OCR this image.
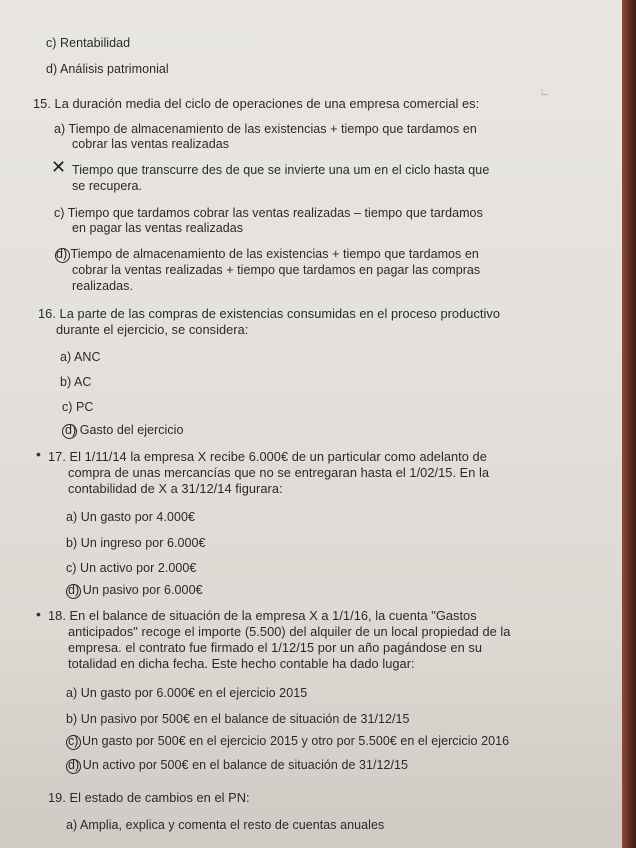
c) Rentabilidad
d) Análisis patrimonial
15. La duración media del ciclo de operaciones de una empresa comercial es:
∟
a) Tiempo de almacenamiento de las existencias + tiempo que tardamos en
cobrar las ventas realizadas
✕ Tiempo que transcurre des de que se invierte una um en el ciclo hasta que
se recupera.
c) Tiempo que tardamos cobrar las ventas realizadas – tiempo que tardamos
en pagar las ventas realizadas
d) Tiempo de almacenamiento de las existencias + tiempo que tardamos en
cobrar la ventas realizadas + tiempo que tardamos en pagar las compras
realizadas.
16. La parte de las compras de existencias consumidas en el proceso productivo
durante el ejercicio, se considera:
a) ANC
b) AC
c) PC
d) Gasto del ejercicio
• 17. El 1/11/14 la empresa X recibe 6.000€ de un particular como adelanto de
compra de unas mercancías que no se entregaran hasta el 1/02/15. En la
contabilidad de X a 31/12/14 figurara:
a) Un gasto por 4.000€
b) Un ingreso por 6.000€
c) Un activo por 2.000€
d) Un pasivo por 6.000€
• 18. En el balance de situación de la empresa X a 1/1/16, la cuenta "Gastos
anticipados" recoge el importe (5.500) del alquiler de un local propiedad de la
empresa. el contrato fue firmado el 1/12/15 por un año pagándose en su
totalidad en dicha fecha. Este hecho contable ha dado lugar:
a) Un gasto por 6.000€ en el ejercicio 2015
b) Un pasivo por 500€ en el balance de situación de 31/12/15
c) Un gasto por 500€ en el ejercicio 2015 y otro por 5.500€ en el ejercicio 2016
d) Un activo por 500€ en el balance de situación de 31/12/15
19. El estado de cambios en el PN:
a) Amplia, explica y comenta el resto de cuentas anuales
